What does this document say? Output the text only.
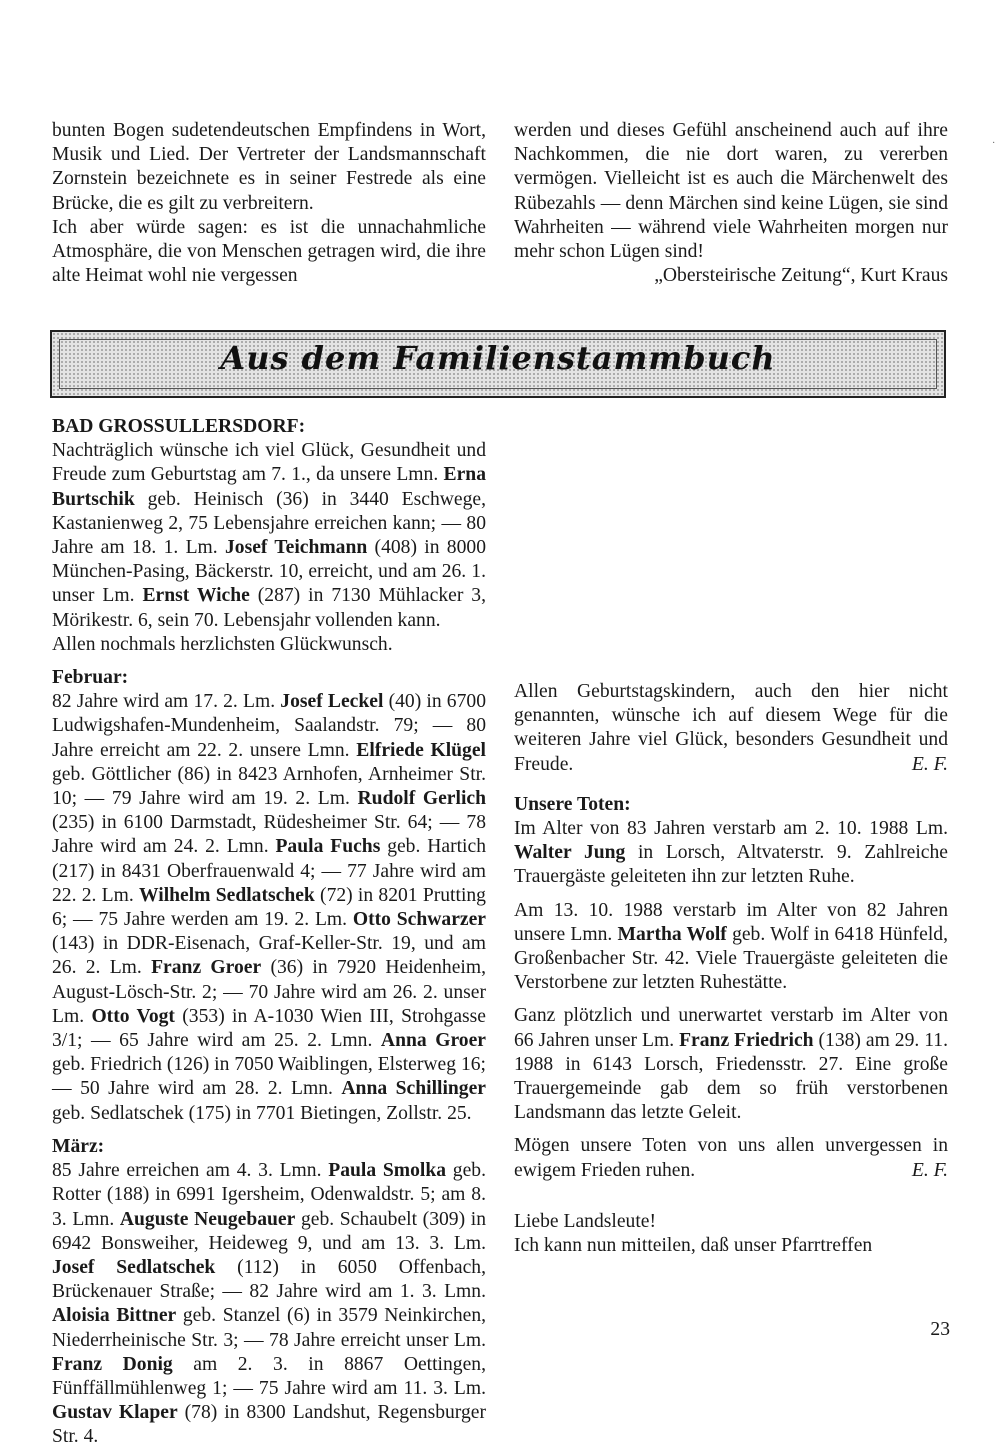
bunten Bogen sudetendeutschen Empfindens in Wort, Musik und Lied. Der Vertreter der Landsmannschaft Zornstein bezeichnete es in seiner Festrede als eine Brücke, die es gilt zu verbreitern.

Ich aber würde sagen: es ist die unnachahmliche Atmosphäre, die von Menschen getragen wird, die ihre alte Heimat wohl nie vergessen

werden und dieses Gefühl anscheinend auch auf ihre Nachkommen, die nie dort waren, zu vererben vermögen. Vielleicht ist es auch die Märchenwelt des Rübezahls — denn Märchen sind keine Lügen, sie sind Wahrheiten — während viele Wahrheiten morgen nur mehr schon Lügen sind!

„Obersteirische Zeitung“, Kurt Kraus

·
Aus dem Familienstammbuch

BAD GROSSULLERSDORF:

Nachträglich wünsche ich viel Glück, Gesundheit und Freude zum Geburtstag am 7. 1., da unsere Lmn. Erna Burtschik geb. Heinisch (36) in 3440 Eschwege, Kastanienweg 2, 75 Lebensjahre erreichen kann; — 80 Jahre am 18. 1. Lm. Josef Teichmann (408) in 8000 München-Pasing, Bäckerstr. 10, erreicht, und am 26. 1. unser Lm. Ernst Wiche (287) in 7130 Mühlacker 3, Mörikestr. 6, sein 70. Lebensjahr vollenden kann.

Allen nochmals herzlichsten Glückwunsch.

Februar:

82 Jahre wird am 17. 2. Lm. Josef Leckel (40) in 6700 Ludwigshafen-Mundenheim, Saalandstr. 79; — 80 Jahre erreicht am 22. 2. unsere Lmn. Elfriede Klügel geb. Göttlicher (86) in 8423 Arnhofen, Arnheimer Str. 10; — 79 Jahre wird am 19. 2. Lm. Rudolf Gerlich (235) in 6100 Darmstadt, Rüdesheimer Str. 64; — 78 Jahre wird am 24. 2. Lmn. Paula Fuchs geb. Hartich (217) in 8431 Oberfrauenwald 4; — 77 Jahre wird am 22. 2. Lm. Wilhelm Sedlatschek (72) in 8201 Prutting 6; — 75 Jahre werden am 19. 2. Lm. Otto Schwarzer (143) in DDR-Eisenach, Graf-Keller-Str. 19, und am 26. 2. Lm. Franz Groer (36) in 7920 Heidenheim, August-Lösch-Str. 2; — 70 Jahre wird am 26. 2. unser Lm. Otto Vogt (353) in A-1030 Wien III, Strohgasse 3/1; — 65 Jahre wird am 25. 2. Lmn. Anna Groer geb. Friedrich (126) in 7050 Waiblingen, Elsterweg 16; — 50 Jahre wird am 28. 2. Lmn. Anna Schillinger geb. Sedlatschek (175) in 7701 Bietingen, Zollstr. 25.

März:

85 Jahre erreichen am 4. 3. Lmn. Paula Smolka geb. Rotter (188) in 6991 Igersheim, Odenwaldstr. 5; am 8. 3. Lmn. Auguste Neugebauer geb. Schaubelt (309) in 6942 Bonsweiher, Heideweg 9, und am 13. 3. Lm. Josef Sedlatschek (112) in 6050 Offenbach, Brückenauer Straße; — 82 Jahre wird am 1. 3. Lmn. Aloisia Bittner geb. Stanzel (6) in 3579 Neinkirchen, Niederrheinische Str. 3; — 78 Jahre erreicht unser Lm. Franz Donig am 2. 3. in 8867 Oettingen, Fünffällmühlenweg 1; — 75 Jahre wird am 11. 3. Lm. Gustav Klaper (78) in 8300 Landshut, Regensburger Str. 4.

Allen Geburtstagskindern, auch den hier nicht genannten, wünsche ich auf diesem Wege für die weiteren Jahre viel Glück, besonders Gesundheit und Freude.	E. F.

Unsere Toten:

Im Alter von 83 Jahren verstarb am 2. 10. 1988 Lm. Walter Jung in Lorsch, Altvaterstr. 9. Zahlreiche Trauergäste geleiteten ihn zur letzten Ruhe.

Am 13. 10. 1988 verstarb im Alter von 82 Jahren unsere Lmn. Martha Wolf geb. Wolf in 6418 Hünfeld, Großenbacher Str. 42. Viele Trauergäste geleiteten die Verstorbene zur letzten Ruhestätte.

Ganz plötzlich und unerwartet verstarb im Alter von 66 Jahren unser Lm. Franz Friedrich (138) am 29. 11. 1988 in 6143 Lorsch, Friedensstr. 27. Eine große Trauergemeinde gab dem so früh verstorbenen Landsmann das letzte Geleit.

Mögen unsere Toten von uns allen unvergessen in ewigem Frieden ruhen.	E. F.

Liebe Landsleute!

Ich kann nun mitteilen, daß unser Pfarrtreffen

23
